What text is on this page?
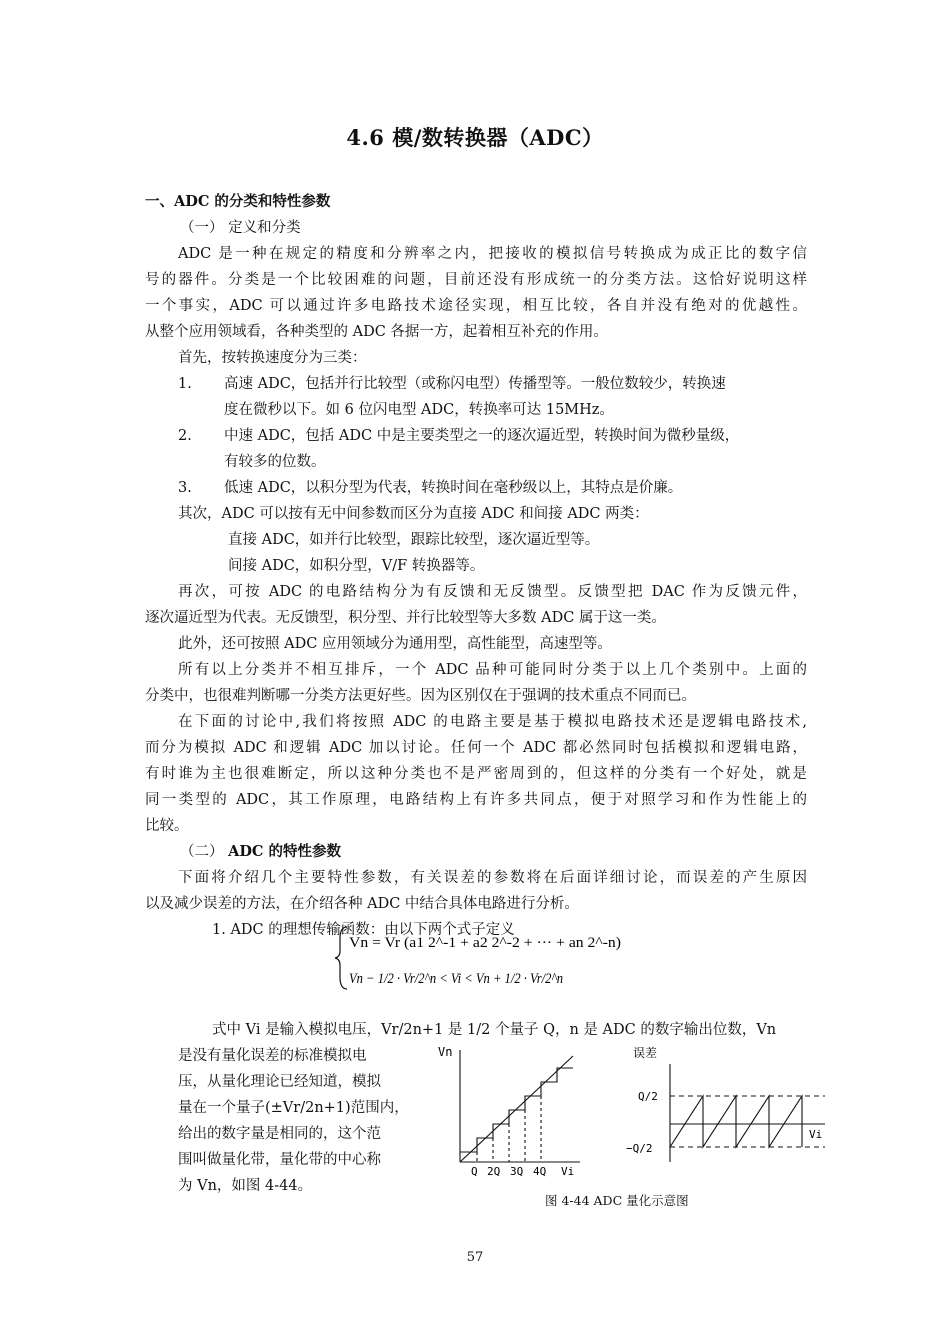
4.6 模/数转换器（ADC）
一、ADC 的分类和特性参数
（一） 定义和分类
ADC 是一种在规定的精度和分辨率之内，把接收的模拟信号转换成为成正比的数字信
号的器件。分类是一个比较困难的问题，目前还没有形成统一的分类方法。这恰好说明这样
一个事实，ADC 可以通过许多电路技术途径实现，相互比较，各自并没有绝对的优越性。
从整个应用领域看，各种类型的 ADC 各据一方，起着相互补充的作用。
首先，按转换速度分为三类：
1. 高速 ADC，包括并行比较型（或称闪电型）传播型等。一般位数较少，转换速
度在微秒以下。如 6 位闪电型 ADC，转换率可达 15MHz。
2. 中速 ADC，包括 ADC 中是主要类型之一的逐次逼近型，转换时间为微秒量级，
有较多的位数。
3. 低速 ADC，以积分型为代表，转换时间在毫秒级以上，其特点是价廉。
其次，ADC 可以按有无中间参数而区分为直接 ADC 和间接 ADC 两类：
直接 ADC，如并行比较型，跟踪比较型，逐次逼近型等。
间接 ADC，如积分型，V/F 转换器等。
再次，可按 ADC 的电路结构分为有反馈和无反馈型。反馈型把 DAC 作为反馈元件，
逐次逼近型为代表。无反馈型，积分型、并行比较型等大多数 ADC 属于这一类。
此外，还可按照 ADC 应用领域分为通用型，高性能型，高速型等。
所有以上分类并不相互排斥，一个 ADC 品种可能同时分类于以上几个类别中。上面的
分类中，也很难判断哪一分类方法更好些。因为区别仅在于强调的技术重点不同而已。
在下面的讨论中,我们将按照 ADC 的电路主要是基于模拟电路技术还是逻辑电路技术,
而分为模拟 ADC 和逻辑 ADC 加以讨论。任何一个 ADC 都必然同时包括模拟和逻辑电路，
有时谁为主也很难断定，所以这种分类也不是严密周到的，但这样的分类有一个好处，就是
同一类型的 ADC，其工作原理，电路结构上有许多共同点，便于对照学习和作为性能上的
比较。
（二） ADC 的特性参数
下面将介绍几个主要特性参数，有关误差的参数将在后面详细讨论，而误差的产生原因
以及减少误差的方法，在介绍各种 ADC 中结合具体电路进行分析。
1. ADC 的理想传输函数：由以下两个式子定义
Vn = Vr (a1 2^-1 + a2 2^-2 + ··· + an 2^-n)
Vn − 1/2 · Vr/2^n < Vi < Vn + 1/2 · Vr/2^n
式中 Vi 是输入模拟电压，Vr/2n+1 是 1/2 个量子 Q，n 是 ADC 的数字输出位数，Vn
是没有量化误差的标准模拟电
压，从量化理论已经知道，模拟
量在一个量子(±Vr/2n+1)范围内，
给出的数字量是相同的，这个范
围叫做量化带，量化带的中心称
为 Vn，如图 4-44。
Vn
Q 2Q 3Q 4Q Vi
误差
Q/2
−Q/2
Vi
图 4-44 ADC 量化示意图
57
